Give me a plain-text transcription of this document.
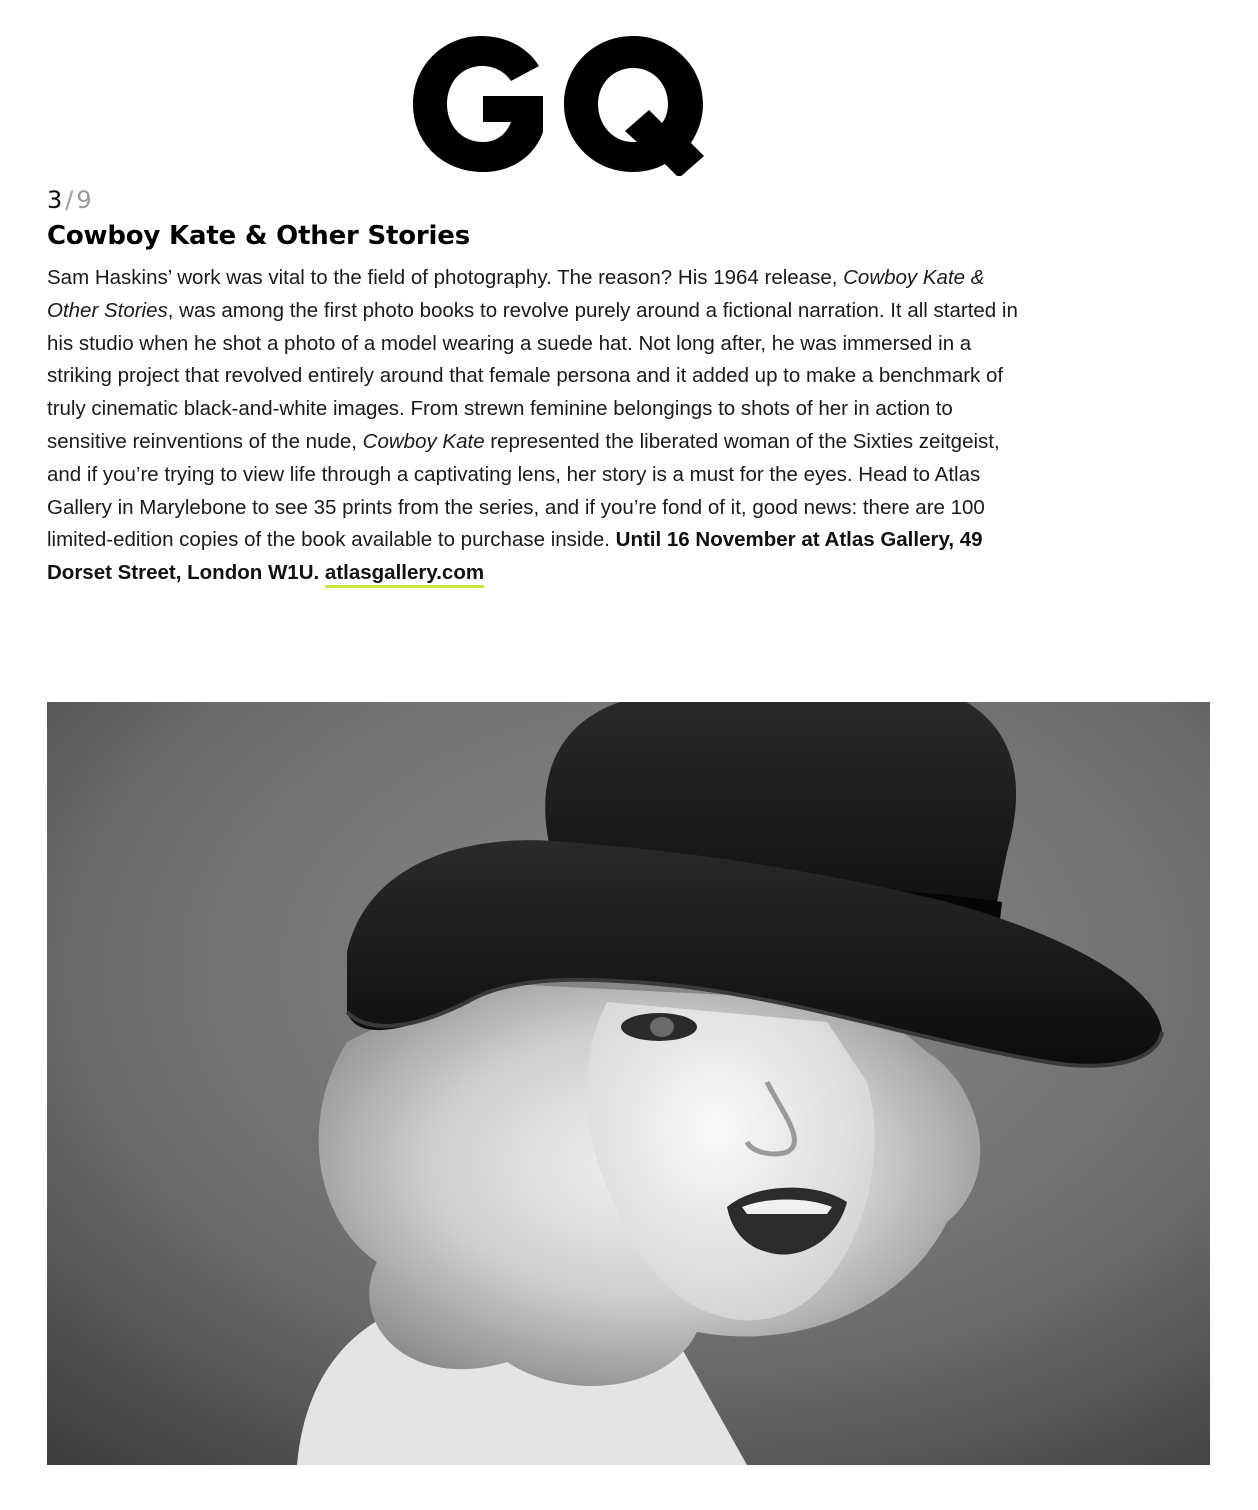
3/9
Cowboy Kate & Other Stories

Sam Haskins’ work was vital to the field of photography. The reason? His 1964 release, Cowboy Kate & Other Stories, was among the first photo books to revolve purely around a fictional narration. It all started in his studio when he shot a photo of a model wearing a suede hat. Not long after, he was immersed in a striking project that revolved entirely around that female persona and it added up to make a benchmark of truly cinematic black-and-white images. From strewn feminine belongings to shots of her in action to sensitive reinventions of the nude, Cowboy Kate represented the liberated woman of the Sixties zeitgeist, and if you’re trying to view life through a captivating lens, her story is a must for the eyes. Head to Atlas Gallery in Marylebone to see 35 prints from the series, and if you’re fond of it, good news: there are 100 limited-edition copies of the book available to purchase inside. Until 16 November at Atlas Gallery, 49 Dorset Street, London W1U. atlasgallery.com
